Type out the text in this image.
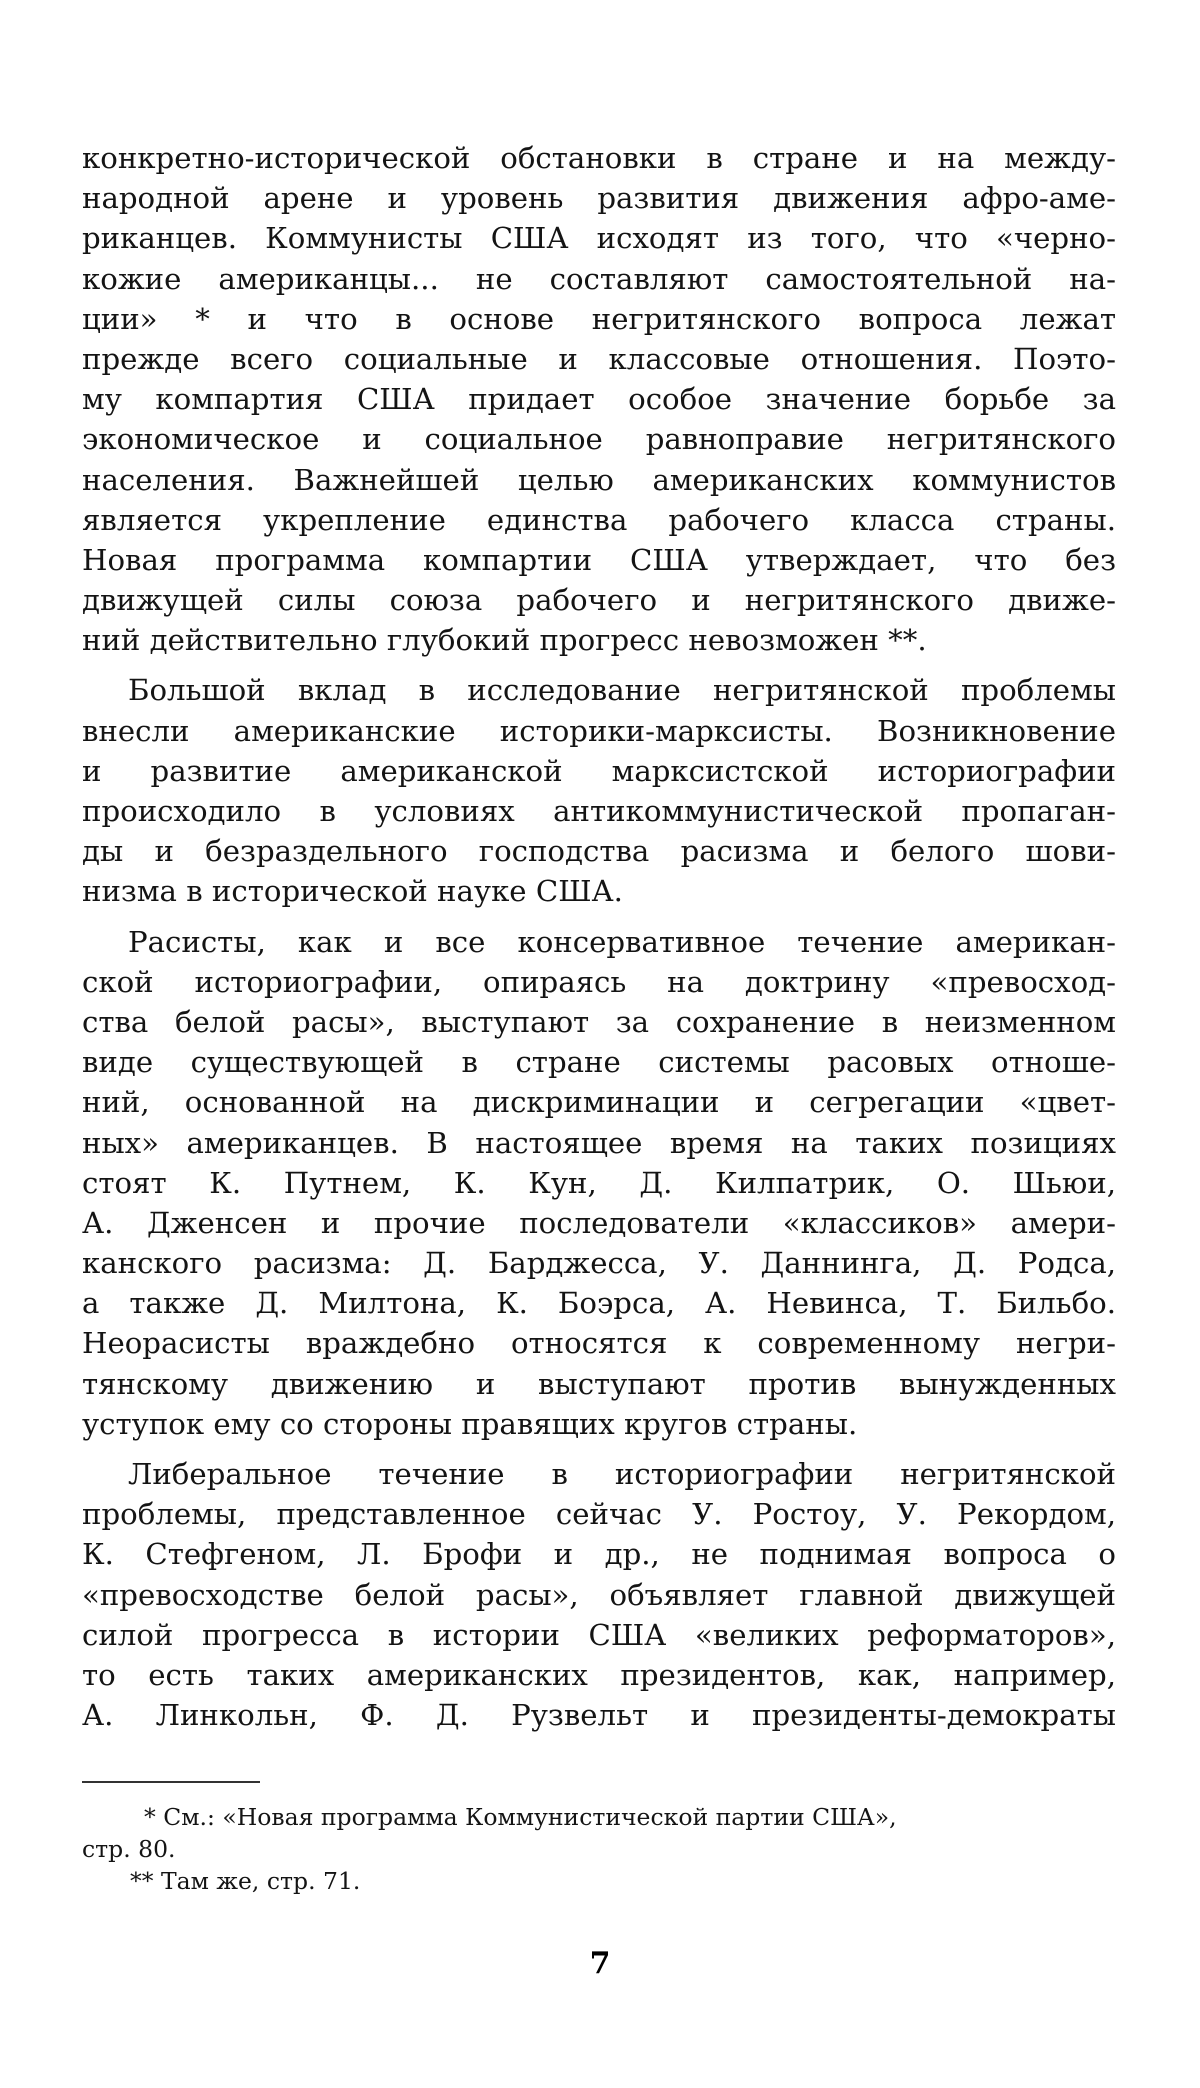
конкретно-исторической обстановки в стране и на между-
народной арене и уровень развития движения афро-аме-
риканцев. Коммунисты США исходят из того, что «черно-
кожие американцы... не составляют самостоятельной на-
ции» * и что в основе негритянского вопроса лежат
прежде всего социальные и классовые отношения. Поэто-
му компартия США придает особое значение борьбе за
экономическое и социальное равноправие негритянского
населения. Важнейшей целью американских коммунистов
является укрепление единства рабочего класса страны.
Новая программа компартии США утверждает, что без
движущей силы союза рабочего и негритянского движе-
ний действительно глубокий прогресс невозможен **.
Большой вклад в исследование негритянской проблемы
внесли американские историки-марксисты. Возникновение
и развитие американской марксистской историографии
происходило в условиях антикоммунистической пропаган-
ды и безраздельного господства расизма и белого шови-
низма в исторической науке США.
Расисты, как и все консервативное течение американ-
ской историографии, опираясь на доктрину «превосход-
ства белой расы», выступают за сохранение в неизменном
виде существующей в стране системы расовых отноше-
ний, основанной на дискриминации и сегрегации «цвет-
ных» американцев. В настоящее время на таких позициях
стоят К. Путнем, К. Кун, Д. Килпатрик, О. Шьюи,
А. Дженсен и прочие последователи «классиков» амери-
канского расизма: Д. Барджесса, У. Даннинга, Д. Родса,
а также Д. Милтона, К. Боэрса, А. Невинса, Т. Бильбо.
Неорасисты враждебно относятся к современному негри-
тянскому движению и выступают против вынужденных
уступок ему со стороны правящих кругов страны.
Либеральное течение в историографии негритянской
проблемы, представленное сейчас У. Ростоу, У. Рекордом,
К. Стефгеном, Л. Брофи и др., не поднимая вопроса о
«превосходстве белой расы», объявляет главной движущей
силой прогресса в истории США «великих реформаторов»,
то есть таких американских президентов, как, например,
А. Линкольн, Ф. Д. Рузвельт и президенты-демократы
* См.: «Новая программа Коммунистической партии США»,
стр. 80.
** Там же, стр. 71.
7
